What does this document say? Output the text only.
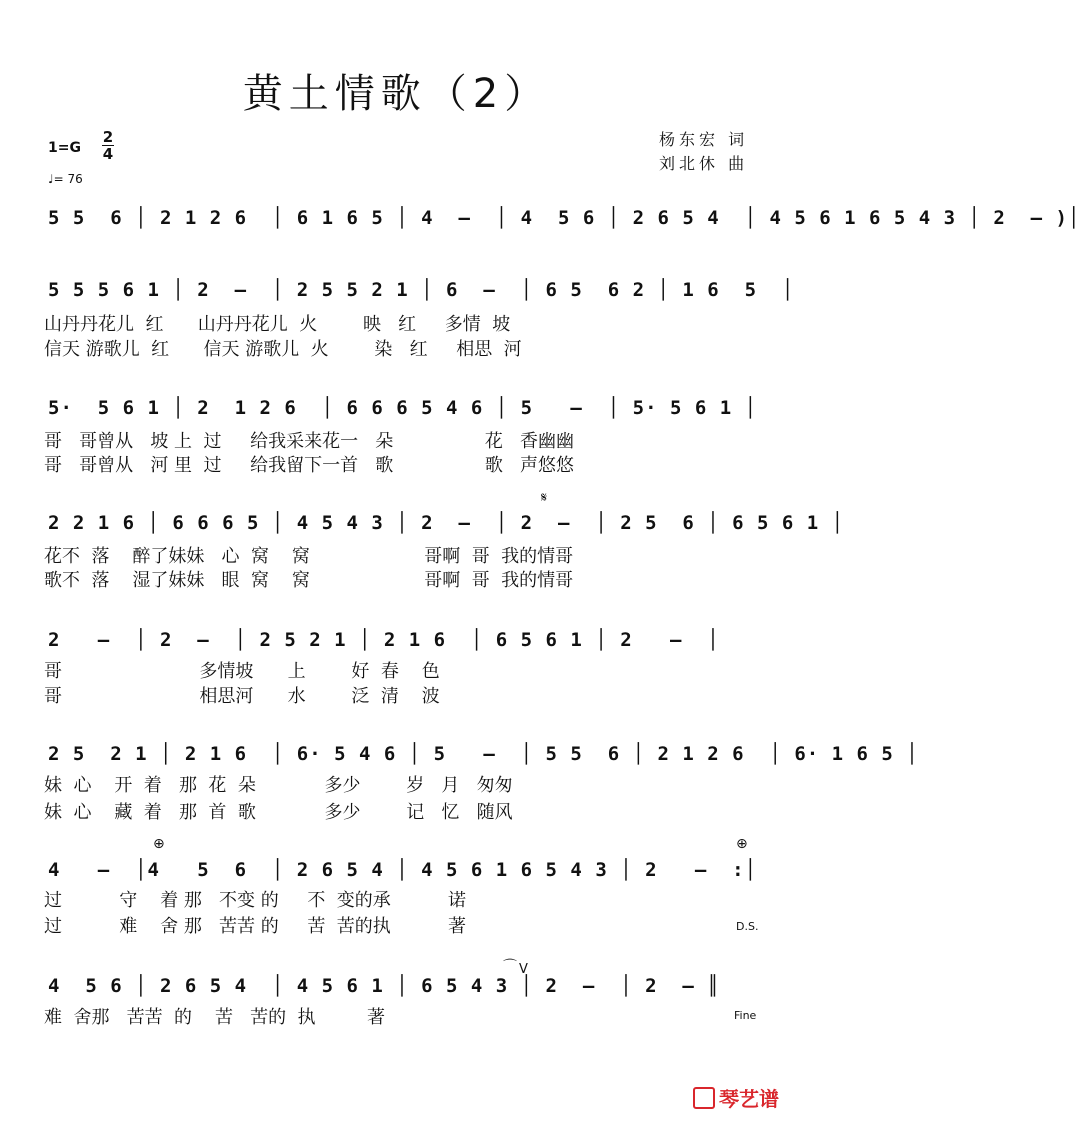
黄土情歌（2）
杨东宏 词
刘北休 曲
1=G
2
4
♩= 76
5 5  6 │ 2 1 2 6  │ 6 1 6 5 │ 4  –  │ 4  5 6 │ 2 6 5 4  │ 4 5 6 1 6 5 4 3 │ 2  – )│
5 5 5 6 1 │ 2  –  │ 2 5 5 2 1 │ 6  –  │ 6 5  6 2 │ 1 6  5  │
山丹丹花儿  红      山丹丹花儿  火        映   红     多情  坡
信天 游歌儿  红      信天 游歌儿  火        染   红     相思  河
5·  5 6 1 │ 2  1 2 6  │ 6 6 6 5 4 6 │ 5   –  │ 5· 5 6 1 │
哥   哥曾从   坡 上  过     给我采来花一   朵                花   香幽幽
哥   哥曾从   河 里  过     给我留下一首   歌                歌   声悠悠
2 2 1 6 │ 6 6 6 5 │ 4 5 4 3 │ 2  –  │ 2  –  │ 2 5  6 │ 6 5 6 1 │
花不  落    醉了妹妹   心  窝    窝                    哥啊  哥  我的情哥
歌不  落    湿了妹妹   眼  窝    窝                    哥啊  哥  我的情哥
𝄋
2   –  │ 2  –  │ 2 5 2 1 │ 2 1 6  │ 6 5 6 1 │ 2   –  │
哥                        多情坡      上        好  春    色
哥                        相思河      水        泛  清    波
2 5  2 1 │ 2 1 6  │ 6· 5 4 6 │ 5   –  │ 5 5  6 │ 2 1 2 6  │ 6· 1 6 5 │
妹  心    开  着   那  花  朵            多少        岁   月   匆匆
妹  心    藏  着   那  首  歌            多少        记   忆   随风
4   –  │4   5  6  │ 2 6 5 4 │ 4 5 6 1 6 5 4 3 │ 2   –  :│
过          守    着 那   不变 的     不  变的承          诺
过          难    舍 那   苦苦 的     苦  苦的执          著
⊕	⊕
D.S.
4  5 6 │ 2 6 5 4  │ 4 5 6 1 │ 6 5 4 3 │ 2  –  │ 2  – ║
难  舍那   苦苦  的    苦   苦的  执         著
⌒ V
Fine
琴艺谱
